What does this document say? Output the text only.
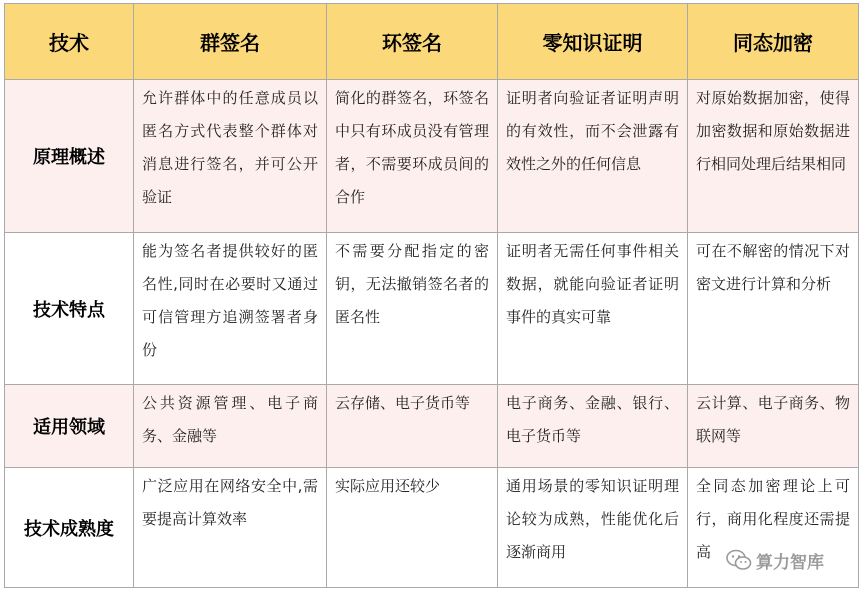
技术	群签名	环签名	零知识证明	同态加密
原理概述	允许群体中的任意成员以匿名方式代表整个群体对消息进行签名，并可公开验证	简化的群签名，环签名中只有环成员没有管理者，不需要环成员间的合作	证明者向验证者证明声明的有效性，而不会泄露有效性之外的任何信息	对原始数据加密，使得加密数据和原始数据进行相同处理后结果相同
技术特点	能为签名者提供较好的匿名性,同时在必要时又通过可信管理方追溯签署者身份	不需要分配指定的密钥，无法撤销签名者的匿名性	证明者无需任何事件相关数据，就能向验证者证明事件的真实可靠	可在不解密的情况下对密文进行计算和分析
适用领域	公共资源管理、电子商务、金融等	云存储、电子货币等	电子商务、金融、银行、电子货币等	云计算、电子商务、物联网等
技术成熟度	广泛应用在网络安全中,需要提高计算效率	实际应用还较少	通用场景的零知识证明理论较为成熟，性能优化后逐渐商用	全同态加密理论上可行，商用化程度还需提高
算力智库
